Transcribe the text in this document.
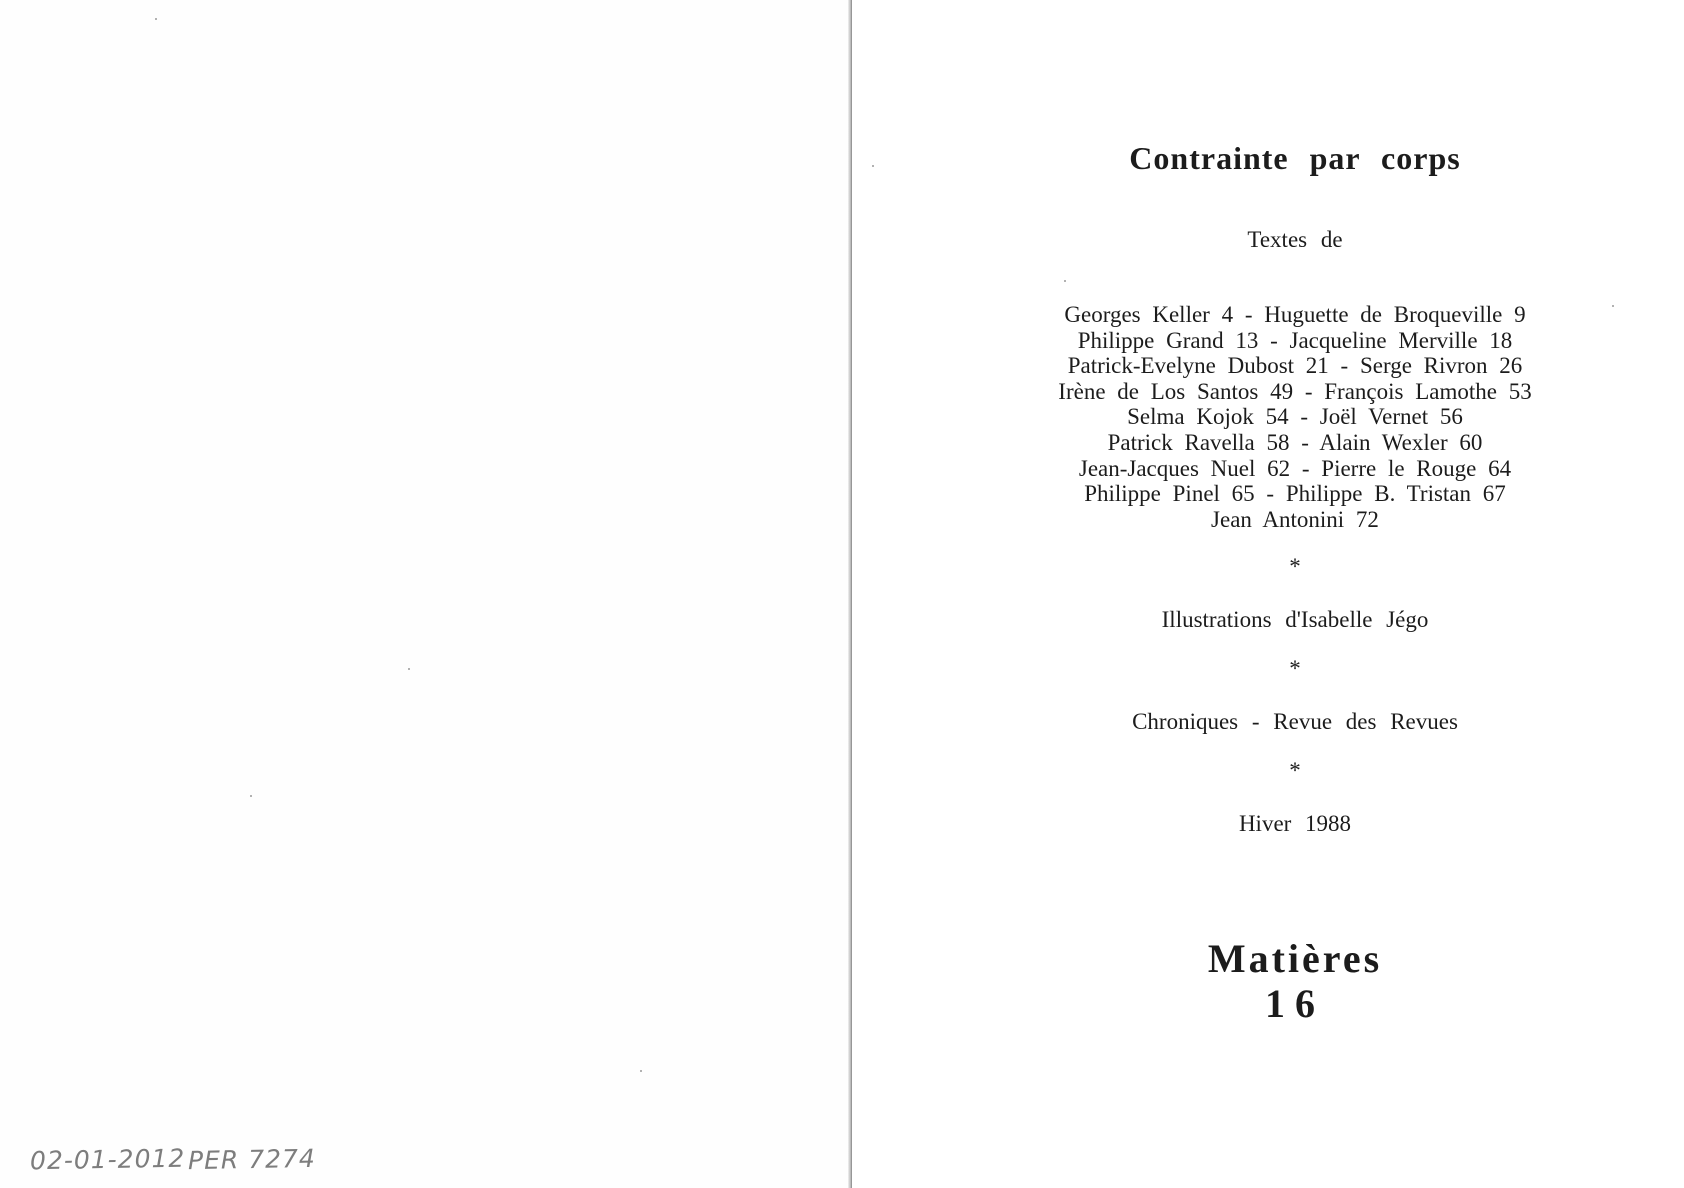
Contrainte par corps
Textes de
Georges Keller 4 - Huguette de Broqueville 9
Philippe Grand 13 - Jacqueline Merville 18
Patrick-Evelyne Dubost 21 - Serge Rivron 26
Irène de Los Santos 49 - François Lamothe 53
Selma Kojok 54 - Joël Vernet 56
Patrick Ravella 58 - Alain Wexler 60
Jean-Jacques Nuel 62 - Pierre le Rouge 64
Philippe Pinel 65 - Philippe B. Tristan 67
Jean Antonini 72
*
Illustrations d'Isabelle Jégo
*
Chroniques - Revue des Revues
*
Hiver 1988
Matières
16
02-01-2012 PER 7274
